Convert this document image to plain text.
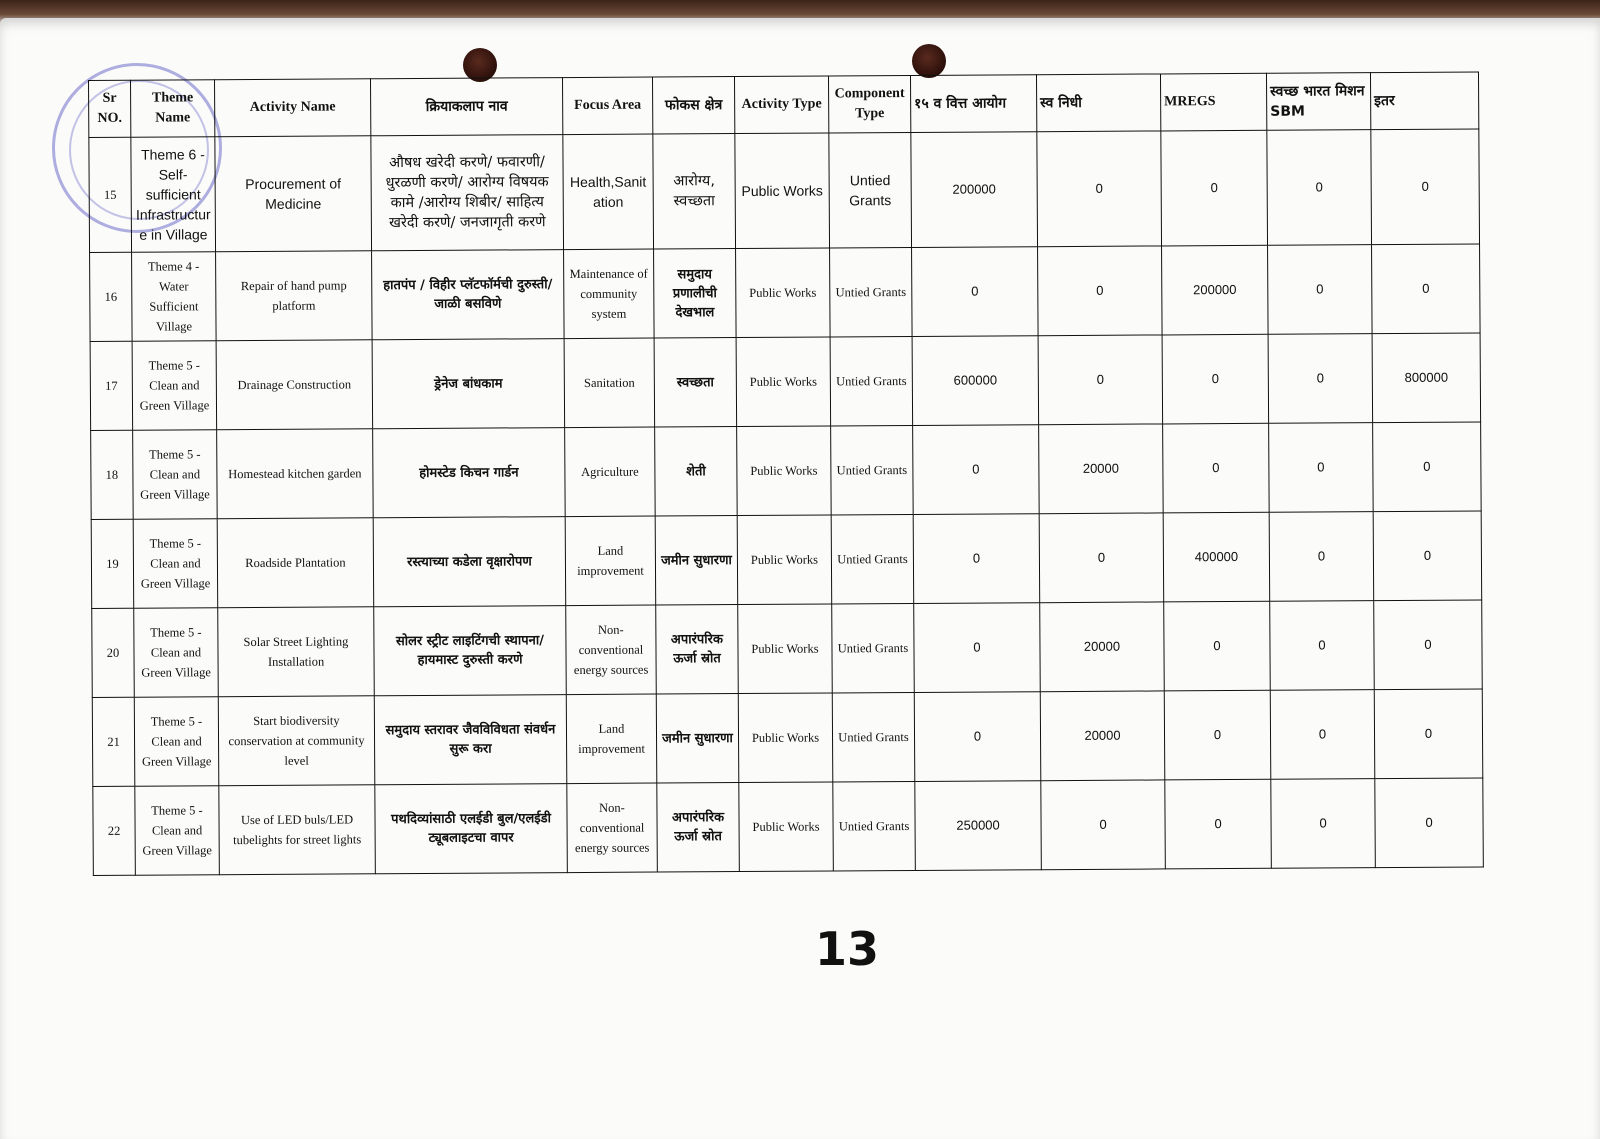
Sr NO.	Theme Name	Activity Name	क्रियाकलाप नाव	Focus Area	फोकस क्षेत्र	Activity Type	Component Type	१५ व वित्त आयोग	स्व निधी	MREGS	स्वच्छ भारत मिशन SBM	इतर
15	Theme 6 - Self-sufficient Infrastructure in Village	Procurement of Medicine	औषध खरेदी करणे/ फवारणी/ धुरळणी करणे/ आरोग्य विषयक कामे /आरोग्य शिबीर/ साहित्य खरेदी करणे/ जनजागृती करणे	Health,Sanitation	आरोग्य, स्वच्छता	Public Works	Untied Grants	200000	0	0	0	0
16	Theme 4 - Water Sufficient Village	Repair of hand pump platform	हातपंप / विहीर प्लॅटफॉर्मची दुरुस्ती/ जाळी बसविणे	Maintenance of community system	समुदाय प्रणालीची देखभाल	Public Works	Untied Grants	0	0	200000	0	0
17	Theme 5 - Clean and Green Village	Drainage Construction	ड्रेनेज बांधकाम	Sanitation	स्वच्छता	Public Works	Untied Grants	600000	0	0	0	800000
18	Theme 5 - Clean and Green Village	Homestead kitchen garden	होमस्टेड किचन गार्डन	Agriculture	शेती	Public Works	Untied Grants	0	20000	0	0	0
19	Theme 5 - Clean and Green Village	Roadside Plantation	रस्त्याच्या कडेला वृक्षारोपण	Land improvement	जमीन सुधारणा	Public Works	Untied Grants	0	0	400000	0	0
20	Theme 5 - Clean and Green Village	Solar Street Lighting Installation	सोलर स्ट्रीट लाइटिंगची स्थापना/ हायमास्ट दुरुस्ती करणे	Non-conventional energy sources	अपारंपरिक ऊर्जा स्रोत	Public Works	Untied Grants	0	20000	0	0	0
21	Theme 5 - Clean and Green Village	Start biodiversity conservation at community level	समुदाय स्तरावर जैवविविधता संवर्धन सुरू करा	Land improvement	जमीन सुधारणा	Public Works	Untied Grants	0	20000	0	0	0
22	Theme 5 - Clean and Green Village	Use of LED buls/LED tubelights for street lights	पथदिव्यांसाठी एलईडी बुल/एलईडी ट्यूबलाइटचा वापर	Non-conventional energy sources	अपारंपरिक ऊर्जा स्रोत	Public Works	Untied Grants	250000	0	0	0	0
13
